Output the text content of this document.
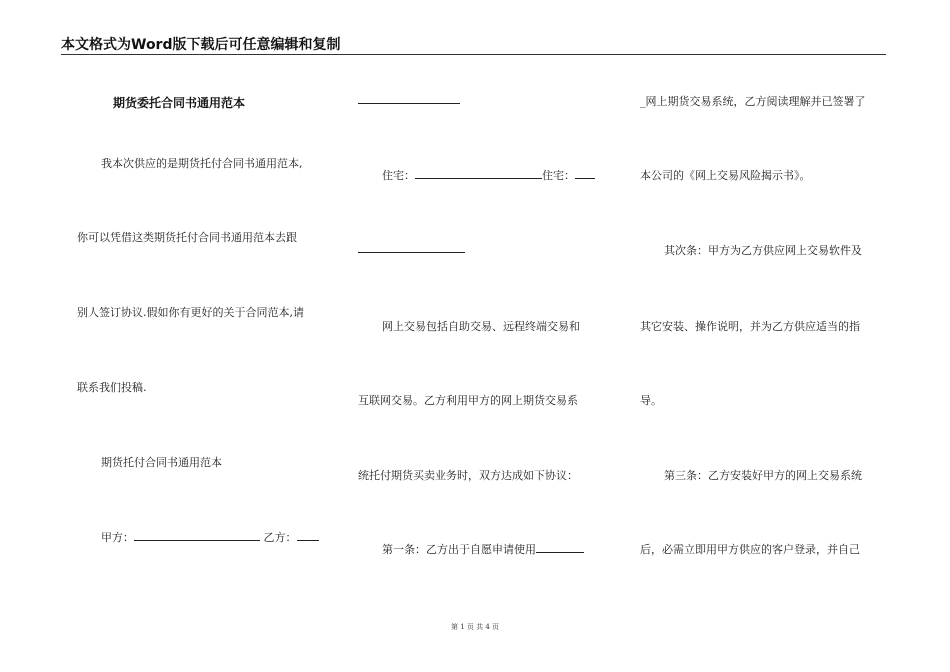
本文格式为Word版下载后可任意编辑和复制
期货委托合同书通用范本
我本次供应的是期货托付合同书通用范本,
你可以凭借这类期货托付合同书通用范本去跟
别人签订协议.假如你有更好的关于合同范本,请
联系我们投稿.
期货托付合同书通用范本
甲方：	乙方：
住宅：	住宅：
网上交易包括自助交易、远程终端交易和
互联网交易。乙方利用甲方的网上期货交易系
统托付期货买卖业务时，双方达成如下协议：
第一条：乙方出于自愿申请使用
_网上期货交易系统，乙方阅读理解并已签署了
本公司的《网上交易风险揭示书》。
其次条：甲方为乙方供应网上交易软件及
其它安装、操作说明，并为乙方供应适当的指
导。
第三条：乙方安装好甲方的网上交易系统
后，必需立即用甲方供应的客户登录，并自己
第 1 页 共 4 页
